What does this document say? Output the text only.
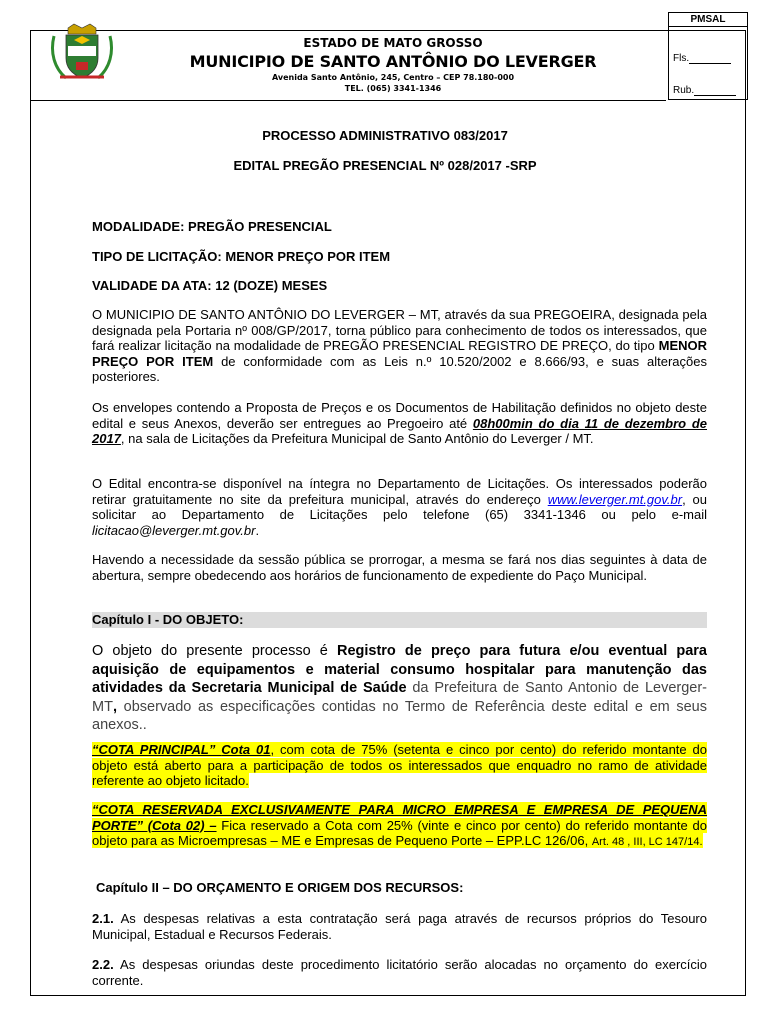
ESTADO DE MATO GROSSO
MUNICIPIO DE SANTO ANTÔNIO DO LEVERGER
Avenida Santo Antônio, 245, Centro – CEP 78.180-000
TEL. (065) 3341-1346
PMSAL
Fls.
Rub.
PROCESSO ADMINISTRATIVO 083/2017
EDITAL PREGÃO PRESENCIAL Nº 028/2017 -SRP
MODALIDADE: PREGÃO PRESENCIAL
TIPO DE LICITAÇÃO: MENOR PREÇO POR ITEM
VALIDADE DA ATA: 12 (DOZE) MESES

O MUNICIPIO DE SANTO ANTÔNIO DO LEVERGER – MT, através da sua PREGOEIRA, designada pela designada pela Portaria nº 008/GP/2017, torna público para conhecimento de todos os interessados, que fará realizar licitação na modalidade de PREGÃO PRESENCIAL REGISTRO DE PREÇO, do tipo MENOR PREÇO POR ITEM de conformidade com as Leis n.º 10.520/2002 e 8.666/93, e suas alterações posteriores.

Os envelopes contendo a Proposta de Preços e os Documentos de Habilitação definidos no objeto deste edital e seus Anexos, deverão ser entregues ao Pregoeiro até 08h00min do dia 11 de dezembro de 2017, na sala de Licitações da Prefeitura Municipal de Santo Antônio do Leverger / MT.

O Edital encontra-se disponível na íntegra no Departamento de Licitações. Os interessados poderão retirar gratuitamente no site da prefeitura municipal, através do endereço www.leverger.mt.gov.br, ou solicitar ao Departamento de Licitações pelo telefone (65) 3341-1346 ou pelo e-mail licitacao@leverger.mt.gov.br.

Havendo a necessidade da sessão pública se prorrogar, a mesma se fará nos dias seguintes à data de abertura, sempre obedecendo aos horários de funcionamento de expediente do Paço Municipal.

Capítulo I - DO OBJETO:

O objeto do presente processo é Registro de preço para futura e/ou eventual para aquisição de equipamentos e material consumo hospitalar para manutenção das atividades da Secretaria Municipal de Saúde da Prefeitura de Santo Antonio de Leverger-MT, observado as especificações contidas no Termo de Referência deste edital e em seus anexos..

“COTA PRINCIPAL” Cota 01, com cota de 75% (setenta e cinco por cento) do referido montante do objeto está aberto para a participação de todos os interessados que enquadro no ramo de atividade referente ao objeto licitado.

“COTA RESERVADA EXCLUSIVAMENTE PARA MICRO EMPRESA E EMPRESA DE PEQUENA PORTE” (Cota 02) – Fica reservado a Cota com 25% (vinte e cinco por cento) do referido montante do objeto para as Microempresas – ME e Empresas de Pequeno Porte – EPP.LC 126/06, Art. 48 , III, LC 147/14.

Capítulo II – DO ORÇAMENTO E ORIGEM DOS RECURSOS:

2.1. As despesas relativas a esta contratação será paga através de recursos próprios do Tesouro Municipal, Estadual e Recursos Federais.

2.2. As despesas oriundas deste procedimento licitatório serão alocadas no orçamento do exercício corrente.
